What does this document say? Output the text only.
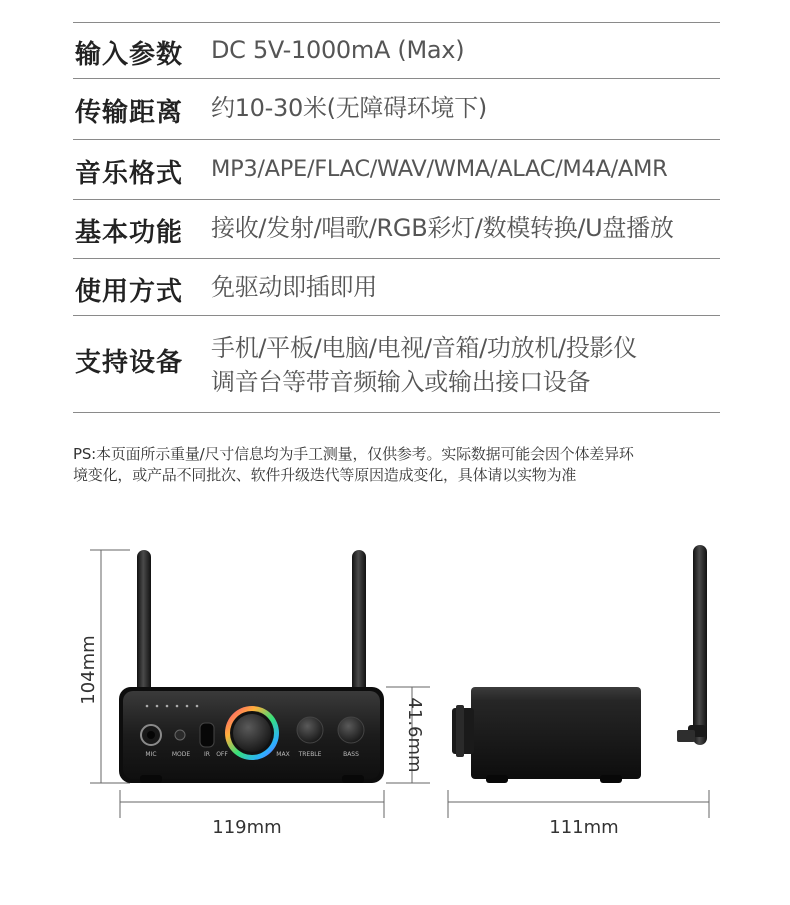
输入参数 DC 5V-1000mA (Max)
传输距离 约10-30米(无障碍环境下)
音乐格式 MP3/APE/FLAC/WAV/WMA/ALAC/M4A/AMR
基本功能 接收/发射/唱歌/RGB彩灯/数模转换/U盘播放
使用方式 免驱动即插即用
支持设备 手机/平板/电脑/电视/音箱/功放机/投影仪
调音台等带音频输入或输出接口设备
PS:本页面所示重量/尺寸信息均为手工测量，仅供参考。实际数据可能会因个体差异环
境变化，或产品不同批次、软件升级迭代等原因造成变化，具体请以实物为准
104mm
MIC	MODE IR OFF	MAX TREBLE	BASS	41.6mm
119mm	111mm
